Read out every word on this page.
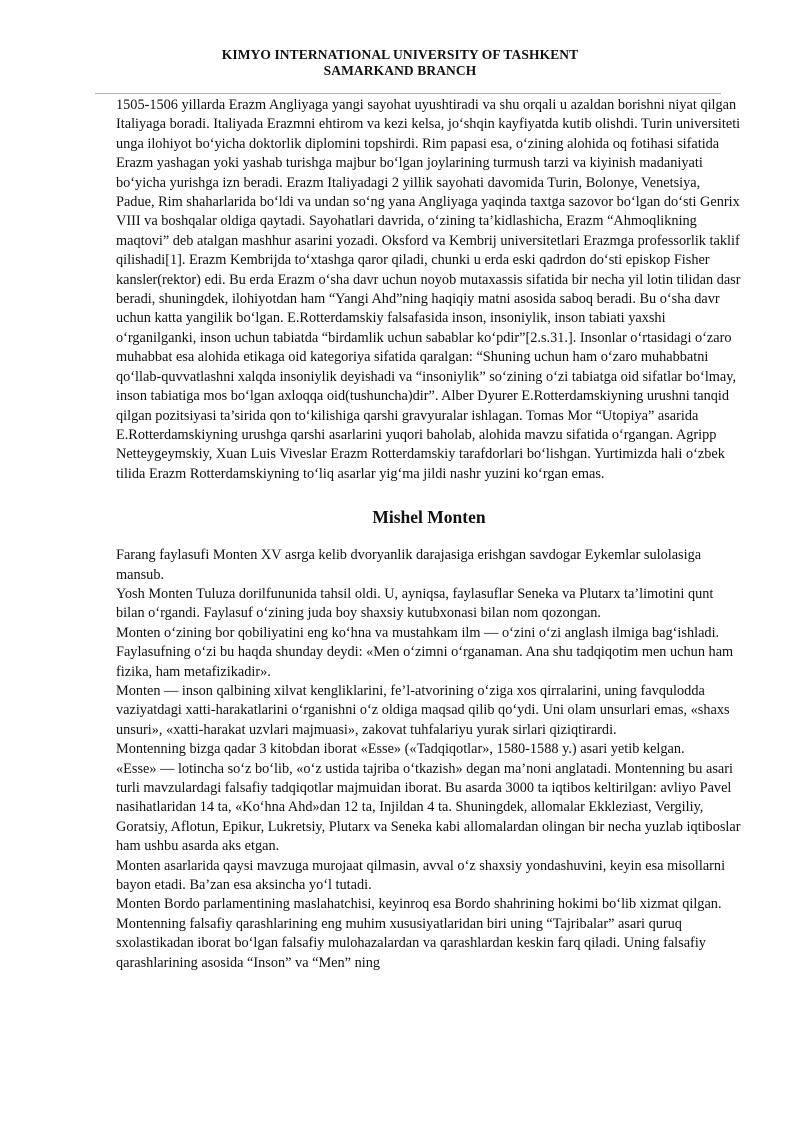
KIMYO INTERNATIONAL UNIVERSITY OF TASHKENT
SAMARKAND BRANCH

1505-1506 yillarda Erazm Angliyaga yangi sayohat uyushtiradi va shu orqali u azaldan borishni niyat qilgan Italiyaga boradi. Italiyada Erazmni ehtirom va kezi kelsa, jo‘shqin kayfiyatda kutib olishdi. Turin universiteti unga ilohiyot bo‘yicha doktorlik diplomini topshirdi. Rim papasi esa, o‘zining alohida oq fotihasi sifatida Erazm yashagan yoki yashab turishga majbur bo‘lgan joylarining turmush tarzi va kiyinish madaniyati bo‘yicha yurishga izn beradi. Erazm Italiyadagi 2 yillik sayohati davomida Turin, Bolonye, Venetsiya, Padue, Rim shaharlarida bo‘ldi va undan so‘ng yana Angliyaga yaqinda taxtga sazovor bo‘lgan do‘sti Genrix VIII va boshqalar oldiga qaytadi. Sayohatlari davrida, o‘zining ta’kidlashicha, Erazm “Ahmoqlikning maqtovi” deb atalgan mashhur asarini yozadi. Oksford va Kembrij universitetlari Erazmga professorlik taklif qilishadi[1]. Erazm Kembrijda to‘xtashga qaror qiladi, chunki u erda eski qadrdon do‘sti episkop Fisher kansler(rektor) edi. Bu erda Erazm o‘sha davr uchun noyob mutaxassis sifatida bir necha yil lotin tilidan dasr beradi, shuningdek, ilohiyotdan ham “Yangi Ahd”ning haqiqiy matni asosida saboq beradi. Bu o‘sha davr uchun katta yangilik bo‘lgan. E.Rotterdamskiy falsafasida inson, insoniylik, inson tabiati yaxshi o‘rganilganki, inson uchun tabiatda “birdamlik uchun sabablar ko‘pdir”[2.s.31.]. Insonlar o‘rtasidagi o‘zaro muhabbat esa alohida etikaga oid kategoriya sifatida qaralgan: “Shuning uchun ham o‘zaro muhabbatni qo‘llab-quvvatlashni xalqda insoniylik deyishadi va “insoniylik” so‘zining o‘zi tabiatga oid sifatlar bo‘lmay, inson tabiatiga mos bo‘lgan axloqqa oid(tushuncha)dir”. Alber Dyurer E.Rotterdamskiyning urushni tanqid qilgan pozitsiyasi ta’sirida qon to‘kilishiga qarshi gravyuralar ishlagan. Tomas Mor “Utopiya” asarida E.Rotterdamskiyning urushga qarshi asarlarini yuqori baholab, alohida mavzu sifatida o‘rgangan. Agripp Netteygeymskiy, Xuan Luis Viveslar Erazm Rotterdamskiy tarafdorlari bo‘lishgan. Yurtimizda hali o‘zbek tilida Erazm Rotterdamskiyning to‘liq asarlar yig‘ma jildi nashr yuzini ko‘rgan emas.

Mishel Monten

Farang faylasufi Monten XV asrga kelib dvoryanlik darajasiga erishgan savdogar Eykemlar sulolasiga mansub.

Yosh Monten Tuluza dorilfununida tahsil oldi. U, ayniqsa, faylasuflar Seneka va Plutarx ta’limotini qunt bilan o‘rgandi. Faylasuf o‘zining juda boy shaxsiy kutubxonasi bilan nom qozongan.

Monten o‘zining bor qobiliyatini eng ko‘hna va mustahkam ilm — o‘zini o‘zi anglash ilmiga bag‘ishladi. Faylasufning o‘zi bu haqda shunday deydi: «Men o‘zimni o‘rganaman. Ana shu tadqiqotim men uchun ham fizika, ham metafizikadir».

Monten — inson qalbining xilvat kengliklarini, fe’l-atvorining o‘ziga xos qirralarini, uning favqulodda vaziyatdagi xatti-harakatlarini o‘rganishni o‘z oldiga maqsad qilib qo‘ydi. Uni olam unsurlari emas, «shaxs unsuri», «xatti-harakat uzvlari majmuasi», zakovat tuhfalariyu yurak sirlari qiziqtirardi.

Montenning bizga qadar 3 kitobdan iborat «Esse» («Tadqiqotlar», 1580-1588 y.) asari yetib kelgan.

«Esse» — lotincha so‘z bo‘lib, «o‘z ustida tajriba o‘tkazish» degan ma’noni anglatadi. Montenning bu asari turli mavzulardagi falsafiy tadqiqotlar majmuidan iborat. Bu asarda 3000 ta iqtibos keltirilgan: avliyo Pavel nasihatlaridan 14 ta, «Ko‘hna Ahd»dan 12 ta, Injildan 4 ta. Shuningdek, allomalar Ekkleziast, Vergiliy, Goratsiy, Aflotun, Epikur, Lukretsiy, Plutarx va Seneka kabi allomalardan olingan bir necha yuzlab iqtiboslar ham ushbu asarda aks etgan.

Monten asarlarida qaysi mavzuga murojaat qilmasin, avval o‘z shaxsiy yondashuvini, keyin esa misollarni bayon etadi. Ba’zan esa aksincha yo‘l tutadi.

Monten Bordo parlamentining maslahatchisi, keyinroq esa Bordo shahrining hokimi bo‘lib xizmat qilgan. Montenning falsafiy qarashlarining eng muhim xususiyatlaridan biri uning “Tajribalar” asari quruq sxolastikadan iborat bo‘lgan falsafiy mulohazalardan va qarashlardan keskin farq qiladi. Uning falsafiy qarashlarining asosida “Inson” va “Men” ning
